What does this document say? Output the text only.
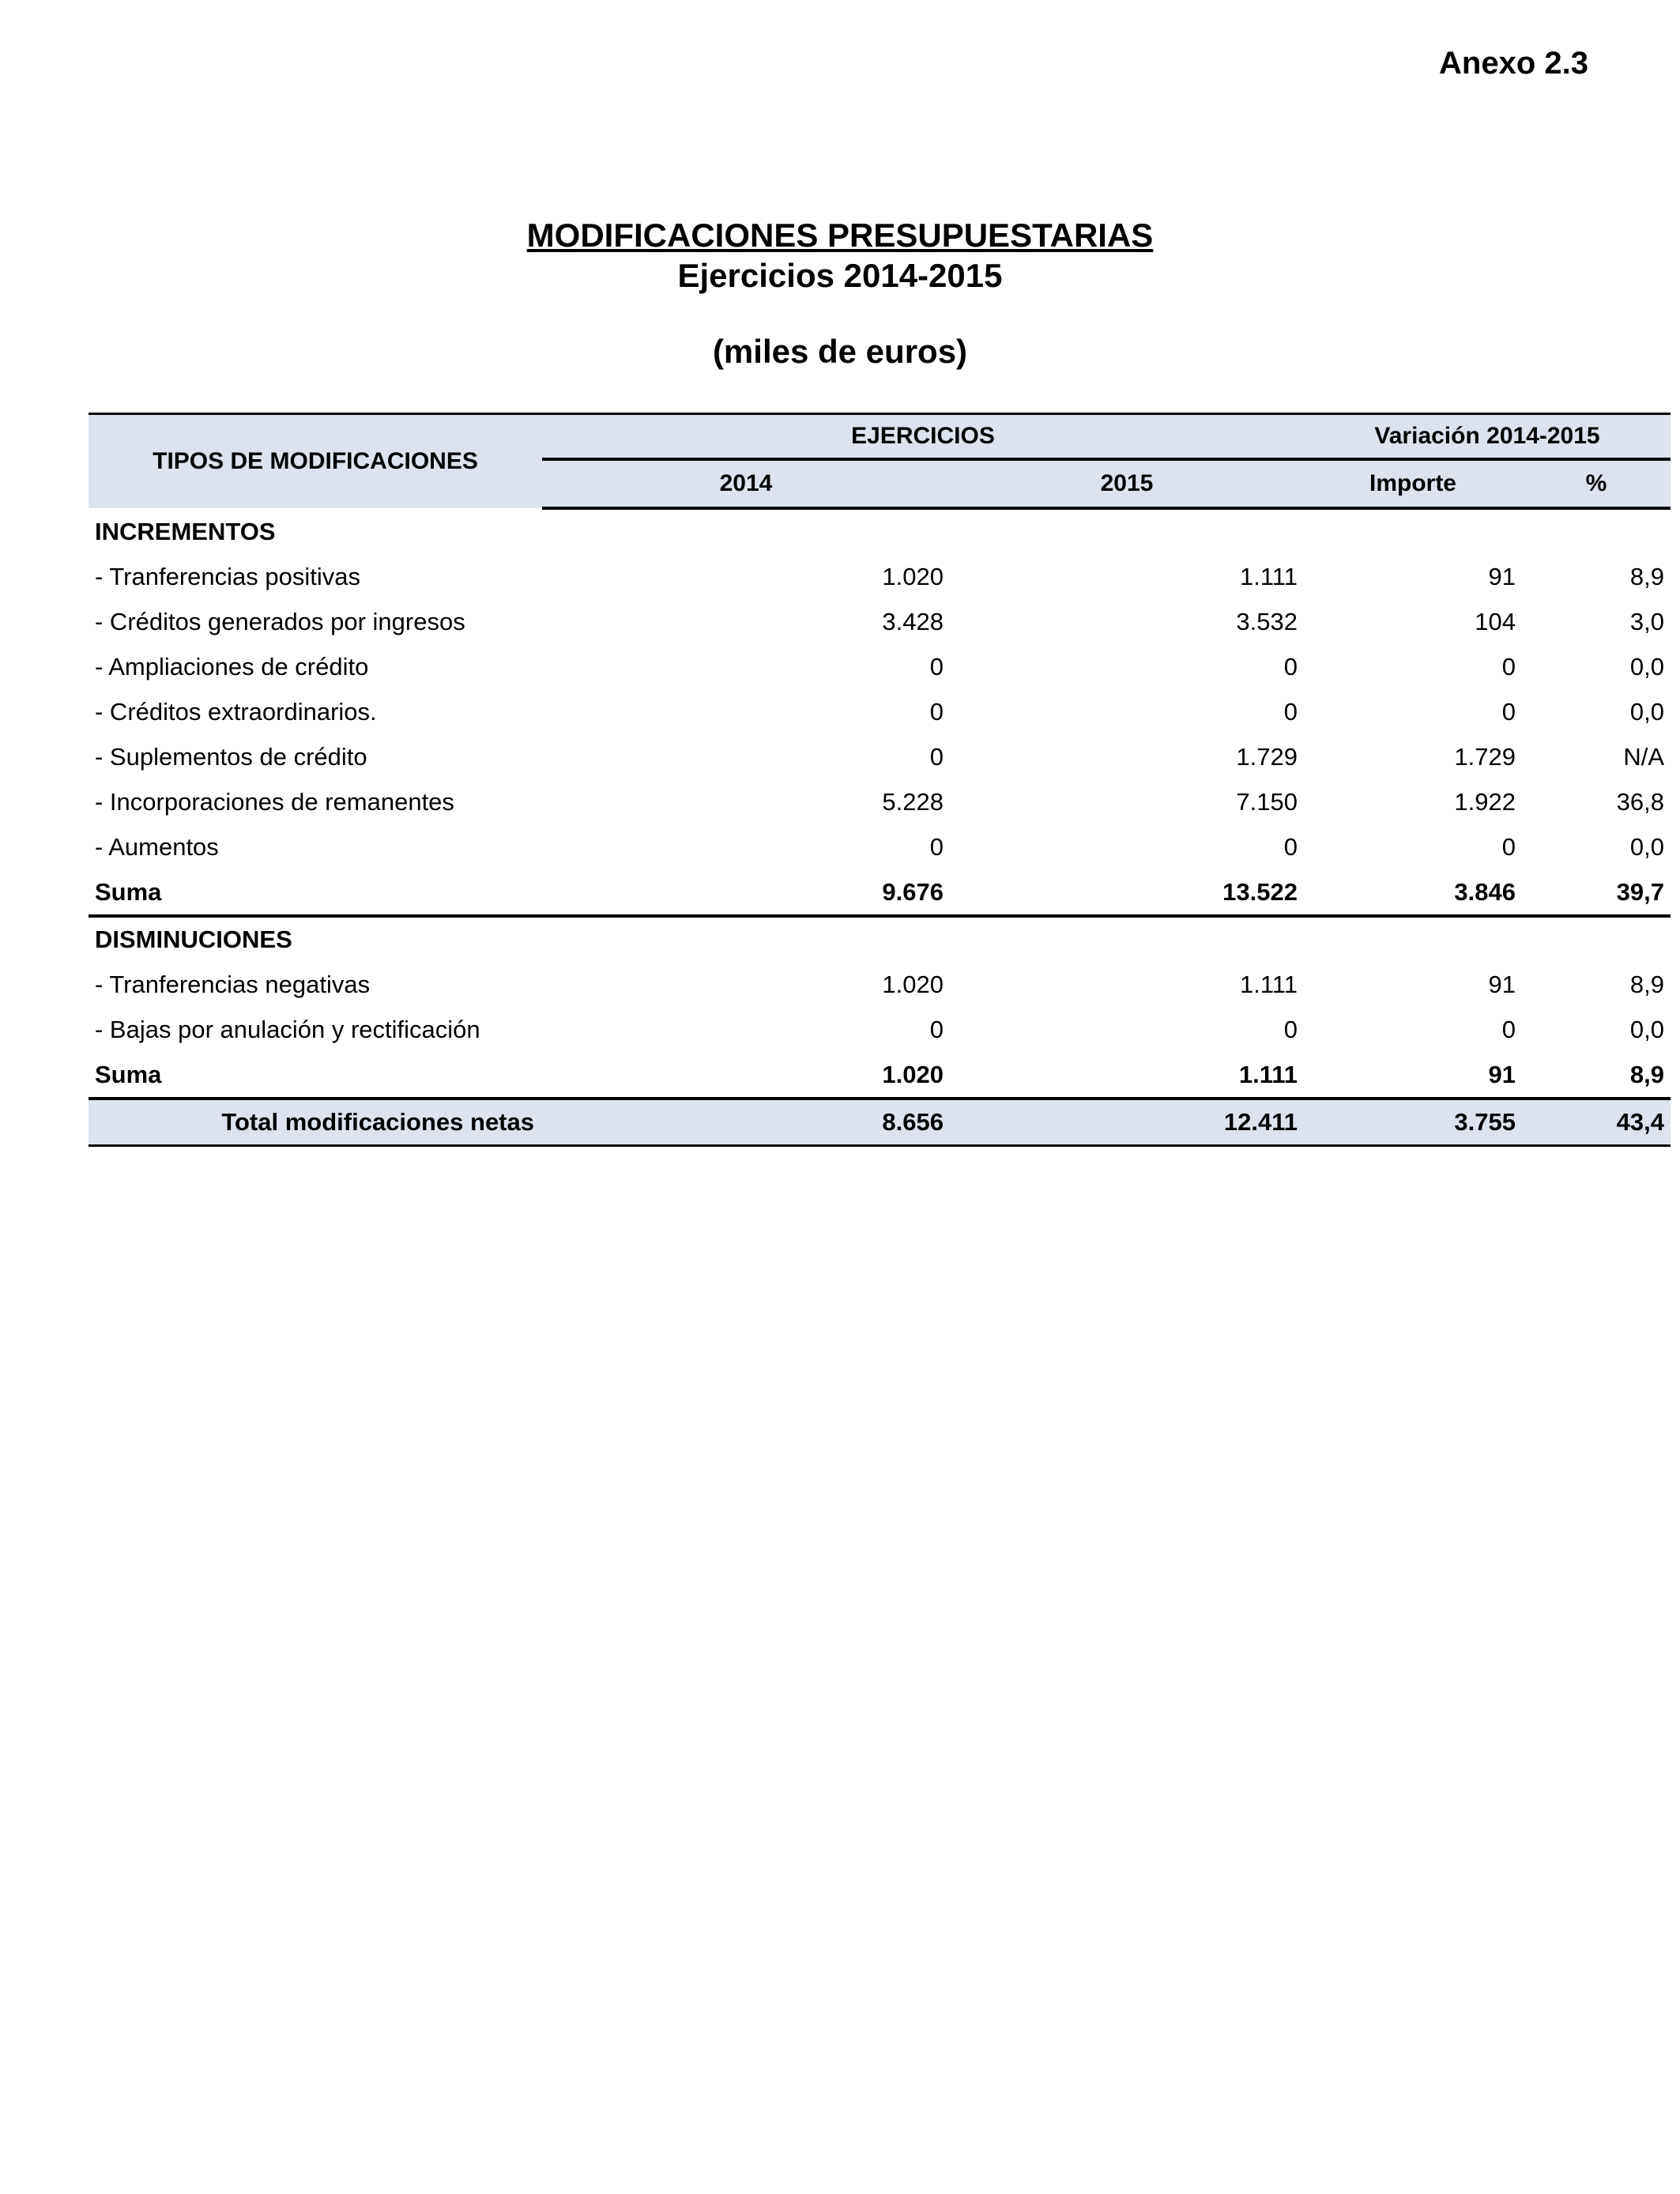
Anexo 2.3
MODIFICACIONES PRESUPUESTARIAS
Ejercicios 2014-2015
(miles de euros)
TIPOS DE MODIFICACIONES	EJERCICIOS		Variación 2014-2015	
	2014	2015	Importe	%
INCREMENTOS				
- Tranferencias positivas	1.020	1.111	91	8,9
- Créditos generados por ingresos	3.428	3.532	104	3,0
- Ampliaciones de crédito	0	0	0	0,0
- Créditos extraordinarios.	0	0	0	0,0
- Suplementos de crédito	0	1.729	1.729	N/A
- Incorporaciones de remanentes	5.228	7.150	1.922	36,8
- Aumentos	0	0	0	0,0
Suma	9.676	13.522	3.846	39,7
DISMINUCIONES				
- Tranferencias negativas	1.020	1.111	91	8,9
- Bajas por anulación y rectificación	0	0	0	0,0
Suma	1.020	1.111	91	8,9
Total modificaciones netas	8.656	12.411	3.755	43,4
